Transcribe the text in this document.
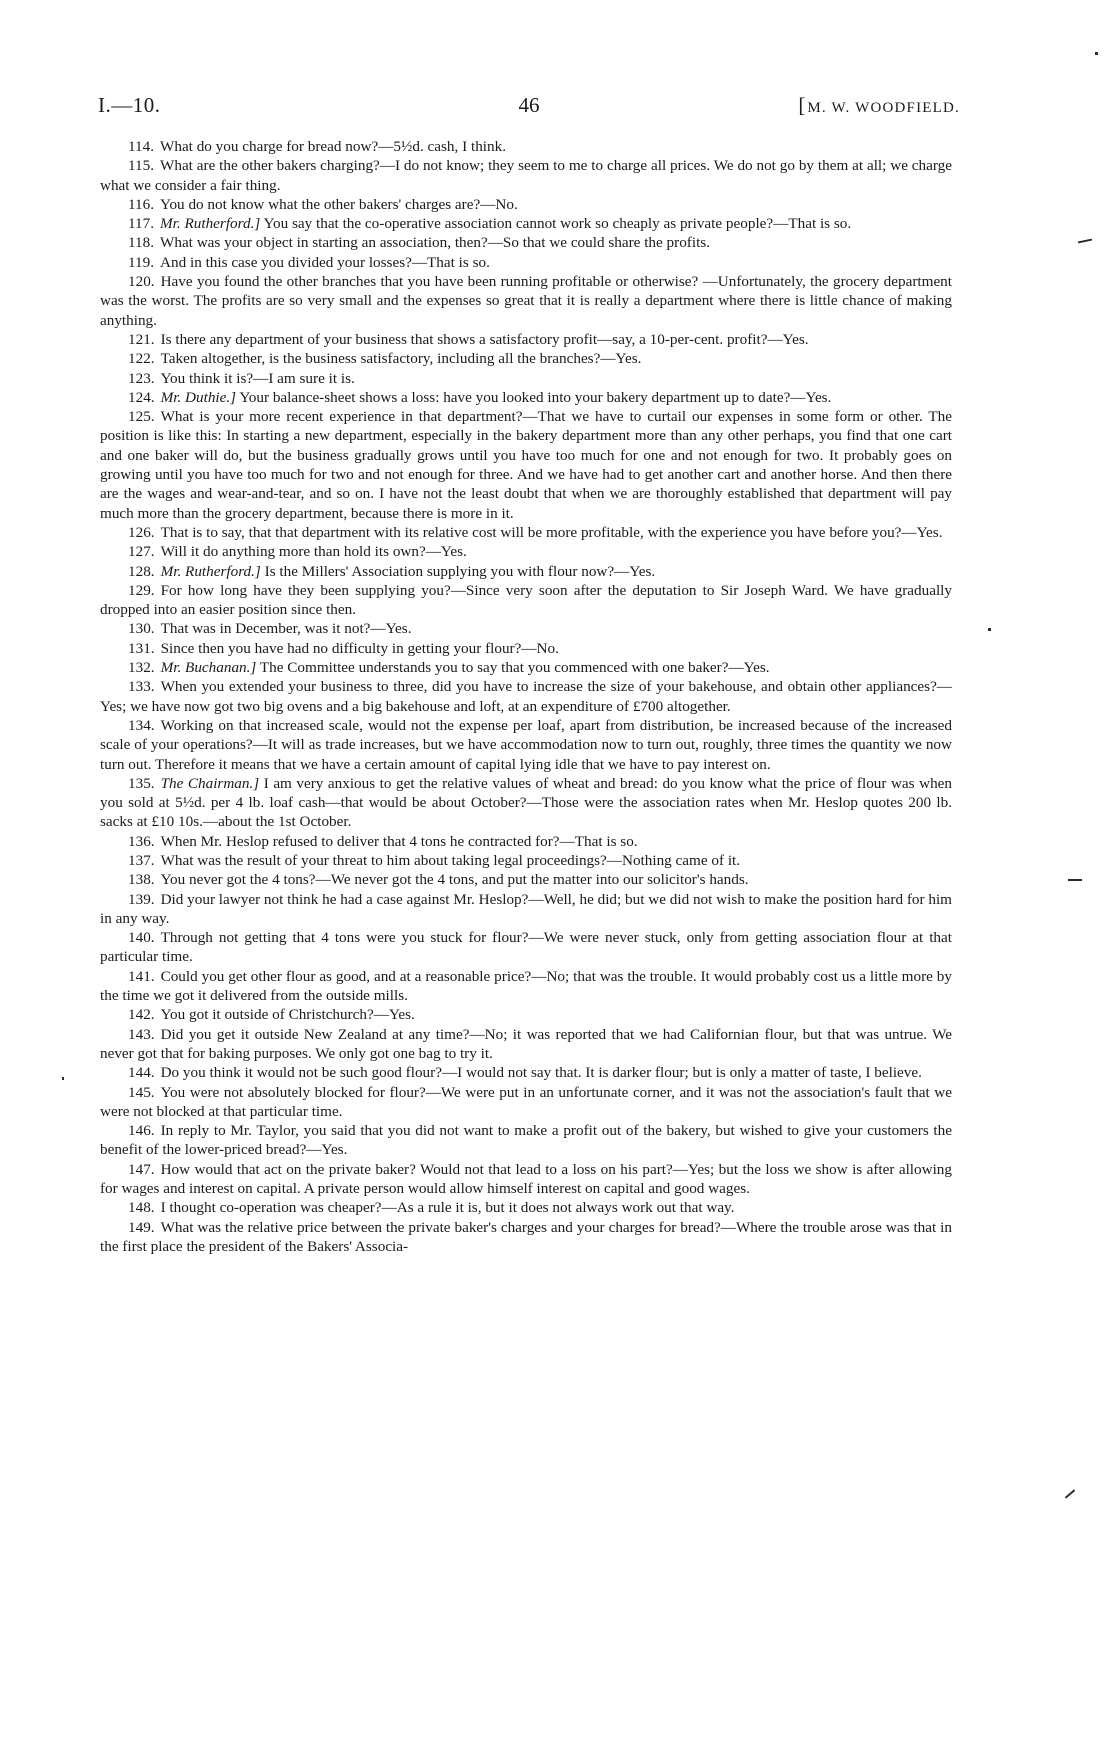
I.—10.	46	[ M. W. WOODFIELD.

114. What do you charge for bread now?—5½d. cash, I think.

115. What are the other bakers charging?—I do not know; they seem to me to charge all prices. We do not go by them at all; we charge what we consider a fair thing.

116. You do not know what the other bakers' charges are?—No.

117. Mr. Rutherford.] You say that the co-operative association cannot work so cheaply as private people?—That is so.

118. What was your object in starting an association, then?—So that we could share the profits.

119. And in this case you divided your losses?—That is so.

120. Have you found the other branches that you have been running profitable or otherwise? —Unfortunately, the grocery department was the worst. The profits are so very small and the expenses so great that it is really a department where there is little chance of making anything.

121. Is there any department of your business that shows a satisfactory profit—say, a 10-per-cent. profit?—Yes.

122. Taken altogether, is the business satisfactory, including all the branches?—Yes.

123. You think it is?—I am sure it is.

124. Mr. Duthie.] Your balance-sheet shows a loss: have you looked into your bakery department up to date?—Yes.

125. What is your more recent experience in that department?—That we have to curtail our expenses in some form or other. The position is like this: In starting a new department, especially in the bakery department more than any other perhaps, you find that one cart and one baker will do, but the business gradually grows until you have too much for one and not enough for two. It probably goes on growing until you have too much for two and not enough for three. And we have had to get another cart and another horse. And then there are the wages and wear-and-tear, and so on. I have not the least doubt that when we are thoroughly established that department will pay much more than the grocery department, because there is more in it.

126. That is to say, that that department with its relative cost will be more profitable, with the experience you have before you?—Yes.

127. Will it do anything more than hold its own?—Yes.

128. Mr. Rutherford.] Is the Millers' Association supplying you with flour now?—Yes.

129. For how long have they been supplying you?—Since very soon after the deputation to Sir Joseph Ward. We have gradually dropped into an easier position since then.

130. That was in December, was it not?—Yes.

131. Since then you have had no difficulty in getting your flour?—No.

132. Mr. Buchanan.] The Committee understands you to say that you commenced with one baker?—Yes.

133. When you extended your business to three, did you have to increase the size of your bakehouse, and obtain other appliances?—Yes; we have now got two big ovens and a big bakehouse and loft, at an expenditure of £700 altogether.

134. Working on that increased scale, would not the expense per loaf, apart from distribution, be increased because of the increased scale of your operations?—It will as trade increases, but we have accommodation now to turn out, roughly, three times the quantity we now turn out. Therefore it means that we have a certain amount of capital lying idle that we have to pay interest on.

135. The Chairman.] I am very anxious to get the relative values of wheat and bread: do you know what the price of flour was when you sold at 5½d. per 4 lb. loaf cash—that would be about October?—Those were the association rates when Mr. Heslop quotes 200 lb. sacks at £10 10s.—about the 1st October.

136. When Mr. Heslop refused to deliver that 4 tons he contracted for?—That is so.

137. What was the result of your threat to him about taking legal proceedings?—Nothing came of it.

138. You never got the 4 tons?—We never got the 4 tons, and put the matter into our solicitor's hands.

139. Did your lawyer not think he had a case against Mr. Heslop?—Well, he did; but we did not wish to make the position hard for him in any way.

140. Through not getting that 4 tons were you stuck for flour?—We were never stuck, only from getting association flour at that particular time.

141. Could you get other flour as good, and at a reasonable price?—No; that was the trouble. It would probably cost us a little more by the time we got it delivered from the outside mills.

142. You got it outside of Christchurch?—Yes.

143. Did you get it outside New Zealand at any time?—No; it was reported that we had Californian flour, but that was untrue. We never got that for baking purposes. We only got one bag to try it.

144. Do you think it would not be such good flour?—I would not say that. It is darker flour; but is only a matter of taste, I believe.

145. You were not absolutely blocked for flour?—We were put in an unfortunate corner, and it was not the association's fault that we were not blocked at that particular time.

146. In reply to Mr. Taylor, you said that you did not want to make a profit out of the bakery, but wished to give your customers the benefit of the lower-priced bread?—Yes.

147. How would that act on the private baker? Would not that lead to a loss on his part?—Yes; but the loss we show is after allowing for wages and interest on capital. A private person would allow himself interest on capital and good wages.

148. I thought co-operation was cheaper?—As a rule it is, but it does not always work out that way.

149. What was the relative price between the private baker's charges and your charges for bread?—Where the trouble arose was that in the first place the president of the Bakers' Associa-
